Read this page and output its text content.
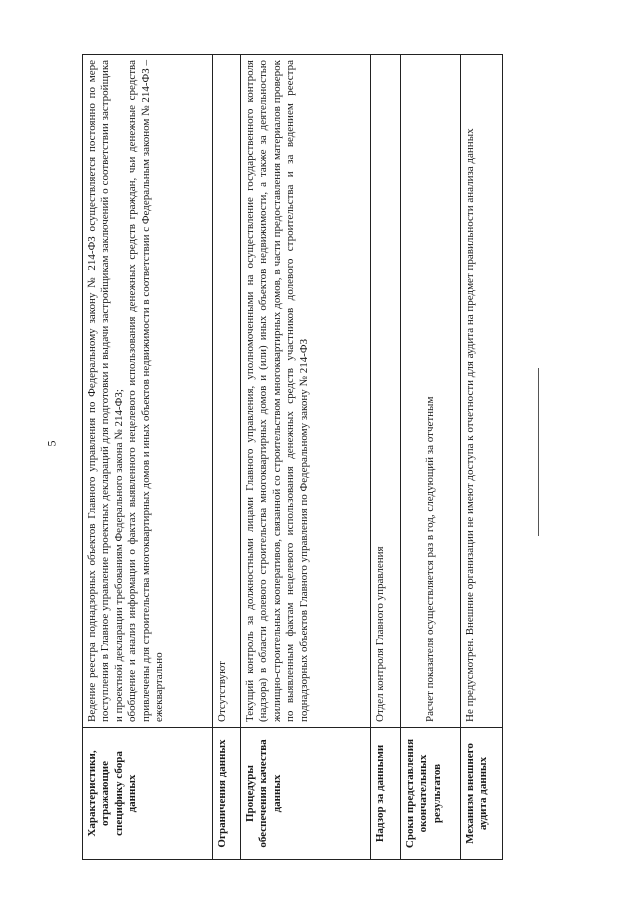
5
Характеристики, отражающие специфику сбора данных	Ведение реестра поднадзорных объектов Главного управления по Федеральному закону № 214-ФЗ осуществляется постоянно по мере поступления в Главное управление проектных деклараций для подготовки и выдачи застройщикам заключений о соответствии застройщика и проектной декларации требованиям Федерального закона № 214-ФЗ; обобщение и анализ информации о фактах выявленного нецелевого использования денежных средств граждан, чьи денежные средства привлечены для строительства многоквартирных домов и иных объектов недвижимости в соответствии с Федеральным законом № 214-ФЗ – ежеквартально

Ограничения данных	Отсутствуют

Процедуры обеспечения качества данных	Текущий контроль за должностными лицами Главного управления, уполномоченными на осуществление государственного контроля (надзора) в области долевого строительства многоквартирных домов и (или) иных объектов недвижимости, а также за деятельностью жилищно-строительных кооперативов, связанной со строительством многоквартирных домов, в части предоставления материалов проверок по выявленным фактам нецелевого использования денежных средств участников долевого строительства и за ведением реестра поднадзорных объектов Главного управления по Федеральному закону № 214-ФЗ

Надзор за данными	Отдел контроля Главного управления

Сроки представления окончательных результатов	Расчет показателя осуществляется раз в год, следующий за отчетным

Механизм внешнего аудита данных	Не предусмотрен. Внешние организации не имеют доступа к отчетности для аудита на предмет правильности анализа данных
